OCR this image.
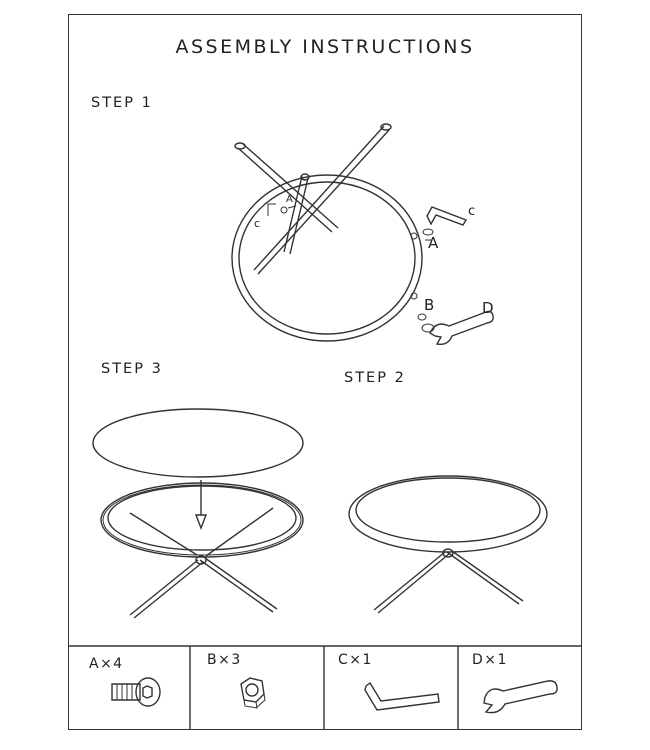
ASSEMBLY INSTRUCTIONS
STEP 1
STEP 3
STEP 2
c
A
B	D
c
A
A×4	B×3	C×1	D×1
